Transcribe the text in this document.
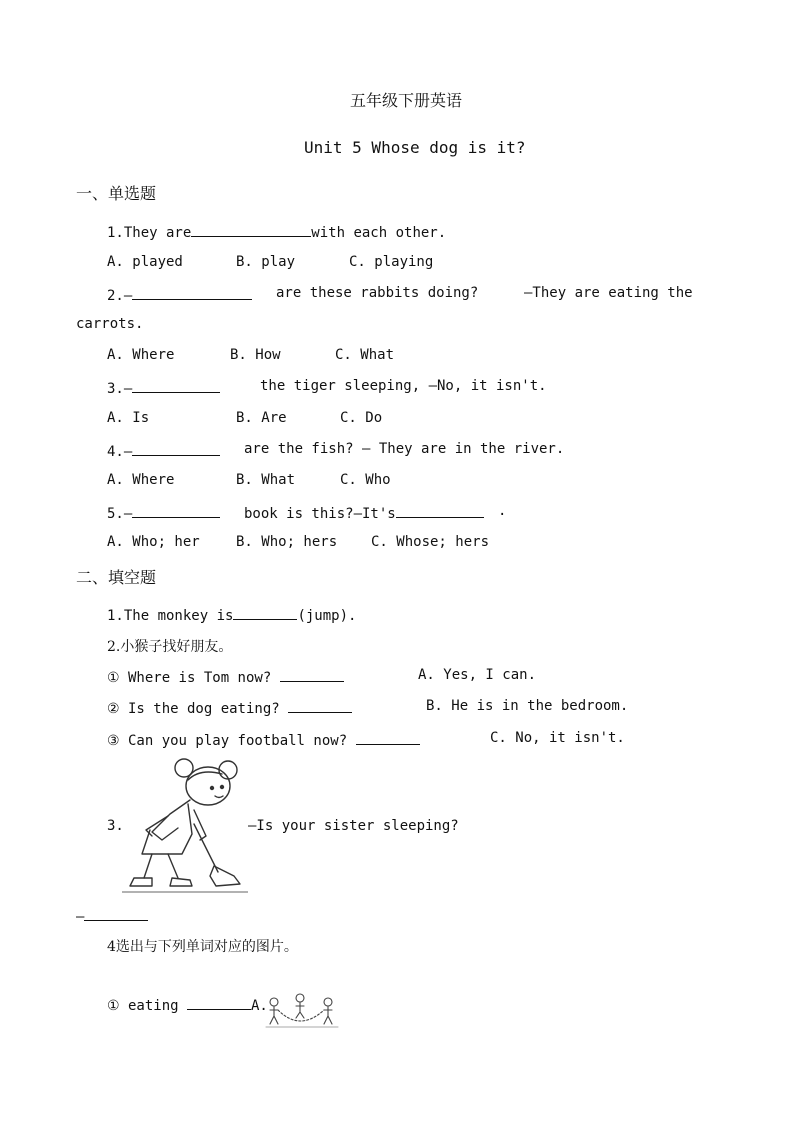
五年级下册英语
Unit 5 Whose dog is it?
一、单选题
1.They are	with each other.
A. played	B. play	C. playing
2.—	are these rabbits doing?	—They are eating the
carrots.
A. Where	B. How	C. What
3.—	the tiger sleeping, —No, it isn't.
A. Is	B. Are	C. Do
4.—	are the fish? — They are in the river.
A. Where	B. What	C. Who
5.—	book is this?—It's	.
A. Who; her	B. Who; hers C. Whose; hers
二、填空题
1.The monkey is	(jump).
2.小猴子找好朋友。
① Where is Tom now?	A. Yes, I can.
② Is the dog eating?	B. He is in the bedroom.
③ Can you play football now?	C. No, it isn't.
3.	—Is your sister sleeping?
—
4选出与下列单词对应的图片。
① eating	A.
